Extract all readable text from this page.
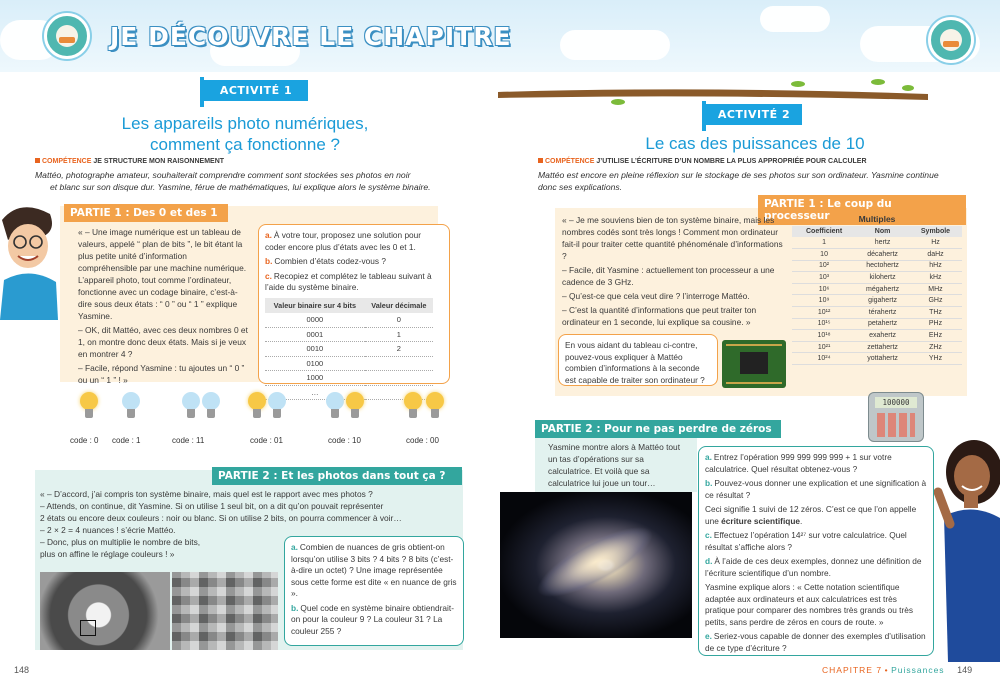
JE DÉCOUVRE LE CHAPITRE
ACTIVITÉ 1
Les appareils photo numériques,
comment ça fonctionne ?
COMPÉTENCE JE STRUCTURE MON RAISONNEMENT
Mattéo, photographe amateur, souhaiterait comprendre comment sont stockées ses photos en noir
et blanc sur son disque dur. Yasmine, férue de mathématiques, lui explique alors le système binaire.
PARTIE 1 : Des 0 et des 1

« – Une image numérique est un tableau de valeurs, appelé “ plan de bits ”, le bit étant la plus petite unité d’information compréhensible par une machine numérique. L’appareil photo, tout comme l’ordinateur, fonctionne avec un codage binaire, c’est-à-dire sous deux états : “ 0 ” ou “ 1 ” explique Yasmine.

– OK, dit Mattéo, avec ces deux nombres 0 et 1, on montre donc deux états. Mais si je veux en montrer 4 ?

– Facile, répond Yasmine : tu ajoutes un “ 0 ” ou un “ 1 ” ! »

a. À votre tour, proposez une solution pour coder encore plus d’états avec les 0 et 1.
b. Combien d’états codez-vous ?
c. Recopiez et complétez le tableau suivant à l’aide du système binaire.
Valeur binaire sur 4 bits	Valeur décimale
0000	0
0001	1
0010	2
0100	
1000	
…	
code : 0 code : 1	code : 11	code : 01	code : 10	code : 00
PARTIE 2 : Et les photos dans tout ça ?
« – D’accord, j’ai compris ton système binaire, mais quel est le rapport avec mes photos ?
– Attends, on continue, dit Yasmine. Si on utilise 1 seul bit, on a dit qu’on pouvait représenter
2 états ou encore deux couleurs : noir ou blanc. Si on utilise 2 bits, on pourra commencer à voir…
– 2 × 2 = 4 nuances ! s’écrie Mattéo.
– Donc, plus on multiplie le nombre de bits,
plus on affine le réglage couleurs ! »
a. Combien de nuances de gris obtient-on lorsqu’on utilise 3 bits ? 4 bits ? 8 bits (c’est-à-dire un octet) ? Une image représentée sous cette forme est dite « en nuance de gris ».
b. Quel code en système binaire obtiendrait-on pour la couleur 9 ? La couleur 31 ? La couleur 255 ?
148
ACTIVITÉ 2
Le cas des puissances de 10
COMPÉTENCE J’UTILISE L’ÉCRITURE D’UN NOMBRE LA PLUS APPROPRIÉE POUR CALCULER
Mattéo est encore en pleine réflexion sur le stockage de ses photos sur son ordinateur. Yasmine continue
donc ses explications.
PARTIE 1 : Le coup du processeur

« – Je me souviens bien de ton système binaire, mais les nombres codés sont très longs ! Comment mon ordinateur fait-il pour traiter cette quantité phénoménale d’informations ?

– Facile, dit Yasmine : actuellement ton processeur a une cadence de 3 GHz.

– Qu’est-ce que cela veut dire ? l’interroge Mattéo.

– C’est la quantité d’informations que peut traiter ton ordinateur en 1 seconde, lui explique sa cousine. »

En vous aidant du tableau ci-contre, pouvez-vous expliquer à Mattéo combien d’informations à la seconde est capable de traiter son ordinateur ?
Multiples
Coefficient	Nom	Symbole
1	hertz	Hz
10	décahertz	daHz
10²	hectohertz	hHz
10³	kilohertz	kHz
10⁶	mégahertz	MHz
10⁹	gigahertz	GHz
10¹²	térahertz	THz
10¹⁵	petahertz	PHz
10¹⁸	exahertz	EHz
10²¹	zettahertz	ZHz
10²⁴	yottahertz	YHz
100000
PARTIE 2 : Pour ne pas perdre de zéros
Yasmine montre alors à Mattéo tout un tas d’opérations sur sa calculatrice. Et voilà que sa calculatrice lui joue un tour…
a. Entrez l’opération 999 999 999 999 + 1 sur votre calculatrice. Quel résultat obtenez-vous ?
b. Pouvez-vous donner une explication et une signification à ce résultat ?
Ceci signifie 1 suivi de 12 zéros. C’est ce que l’on appelle une écriture scientifique.
c. Effectuez l’opération 14²⁷ sur votre calculatrice. Quel résultat s’affiche alors ?
d. À l’aide de ces deux exemples, donnez une définition de l’écriture scientifique d’un nombre.
Yasmine explique alors : « Cette notation scientifique adaptée aux ordinateurs et aux calculatrices est très pratique pour comparer des nombres très grands ou très petits, sans perdre de zéros en cours de route. »
e. Seriez-vous capable de donner des exemples d’utilisation de ce type d’écriture ?
CHAPITRE 7 • Puissances 149
